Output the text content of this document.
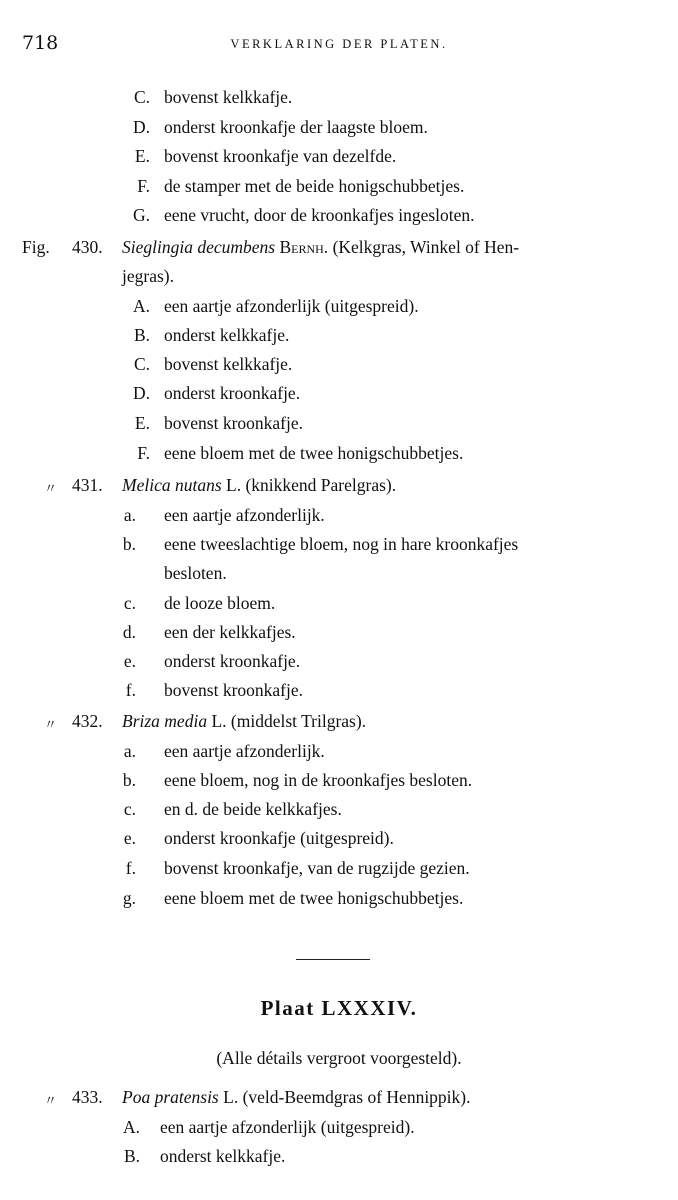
718	VERKLARING DER PLATEN.
C. bovenst kelkkafje.
D. onderst kroonkafje der laagste bloem.
E. bovenst kroonkafje van dezelfde.
F. de stamper met de beide honigschubbetjes.
G. eene vrucht, door de kroonkafjes ingesloten.
Fig. 430. Sieglingia decumbens Bernh. (Kelkgras, Winkel of Hen-
jegras).
A. een aartje afzonderlijk (uitgespreid).
B. onderst kelkkafje.
C. bovenst kelkkafje.
D. onderst kroonkafje.
E. bovenst kroonkafje.
F. eene bloem met de twee honigschubbetjes.
〃 431. Melica nutans L. (knikkend Parelgras).
a. een aartje afzonderlijk.
b. eene tweeslachtige bloem, nog in hare kroonkafjes
besloten.
c. de looze bloem.
d. een der kelkkafjes.
e. onderst kroonkafje.
f. bovenst kroonkafje.
〃 432. Briza media L. (middelst Trilgras).
a. een aartje afzonderlijk.
b. eene bloem, nog in de kroonkafjes besloten.
c. en d. de beide kelkkafjes.
e. onderst kroonkafje (uitgespreid).
f. bovenst kroonkafje, van de rugzijde gezien.
g. eene bloem met de twee honigschubbetjes.
Plaat LXXXIV.
(Alle détails vergroot voorgesteld).
〃 433. Poa pratensis L. (veld-Beemdgras of Hennippik).
A. een aartje afzonderlijk (uitgespreid).
B. onderst kelkkafje.
